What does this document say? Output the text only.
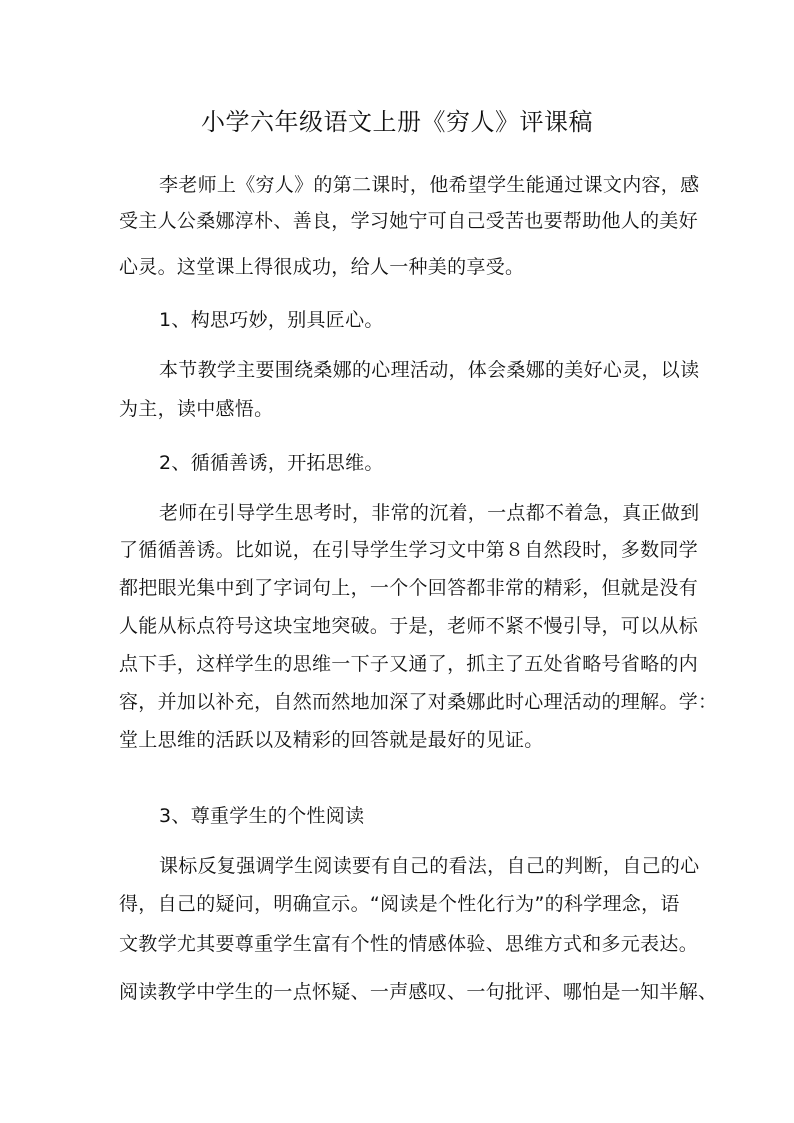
小学六年级语文上册《穷人》评课稿
李老师上《穷人》的第二课时，他希望学生能通过课文内容，感
受主人公桑娜淳朴、善良，学习她宁可自己受苦也要帮助他人的美好
心灵。这堂课上得很成功，给人一种美的享受。
1、构思巧妙，别具匠心。
本节教学主要围绕桑娜的心理活动，体会桑娜的美好心灵，以读
为主，读中感悟。
2、循循善诱，开拓思维。
老师在引导学生思考时，非常的沉着，一点都不着急，真正做到
了循循善诱。比如说，在引导学生学习文中第８自然段时，多数同学
都把眼光集中到了字词句上，一个个回答都非常的精彩，但就是没有
人能从标点符号这块宝地突破。于是，老师不紧不慢引导，可以从标
点下手，这样学生的思维一下子又通了，抓主了五处省略号省略的内
容，并加以补充，自然而然地加深了对桑娜此时心理活动的理解。学：
堂上思维的活跃以及精彩的回答就是最好的见证。
3、尊重学生的个性阅读
课标反复强调学生阅读要有自己的看法，自己的判断，自己的心
得，自己的疑问，明确宣示。“阅读是个性化行为”的科学理念，语
文教学尤其要尊重学生富有个性的情感体验、思维方式和多元表达。
阅读教学中学生的一点怀疑、一声感叹、一句批评、哪怕是一知半解、
